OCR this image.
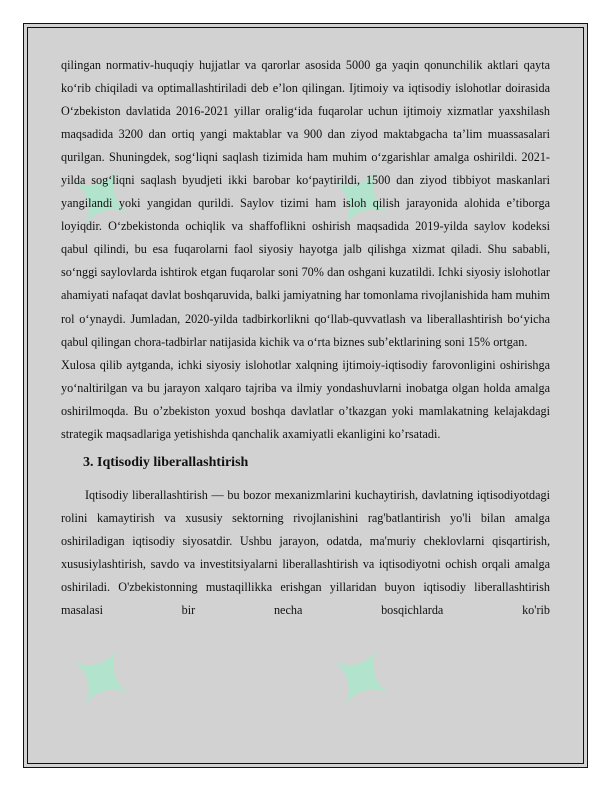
✦ ✦
✦ ✦

qilingan normativ-huquqiy hujjatlar va qarorlar asosida 5000 ga yaqin qonunchilik aktlari qayta ko‘rib chiqiladi va optimallashtiriladi deb e’lon qilingan. Ijtimoiy va iqtisodiy islohotlar doirasida O‘zbekiston davlatida 2016-2021 yillar oralig‘ida fuqarolar uchun ijtimoiy xizmatlar yaxshilash maqsadida 3200 dan ortiq yangi maktablar va 900 dan ziyod maktabgacha ta’lim muassasalari qurilgan. Shuningdek, sog‘liqni saqlash tizimida ham muhim o‘zgarishlar amalga oshirildi. 2021-yilda sog‘liqni saqlash byudjeti ikki barobar ko‘paytirildi, 1500 dan ziyod tibbiyot maskanlari yangilandi yoki yangidan qurildi. Saylov tizimi ham isloh qilish jarayonida alohida e’tiborga loyiqdir. O‘zbekistonda ochiqlik va shaffoflikni oshirish maqsadida 2019-yilda saylov kodeksi qabul qilindi, bu esa fuqarolarni faol siyosiy hayotga jalb qilishga xizmat qiladi. Shu sababli, so‘nggi saylovlarda ishtirok etgan fuqarolar soni 70% dan oshgani kuzatildi. Ichki siyosiy islohotlar ahamiyati nafaqat davlat boshqaruvida, balki jamiyatning har tomonlama rivojlanishida ham muhim rol o‘ynaydi. Jumladan, 2020-yilda tadbirkorlikni qo‘llab-quvvatlash va liberallashtirish bo‘yicha qabul qilingan chora-tadbirlar natijasida kichik va o‘rta biznes sub’ektlarining soni 15% ortgan.

Xulosa qilib aytganda, ichki siyosiy islohotlar xalqning ijtimoiy-iqtisodiy farovonligini oshirishga yo‘naltirilgan va bu jarayon xalqaro tajriba va ilmiy yondashuvlarni inobatga olgan holda amalga oshirilmoqda. Bu o’zbekiston yoxud boshqa davlatlar o’tkazgan yoki mamlakatning kelajakdagi strategik maqsadlariga yetishishda qanchalik axamiyatli ekanligini ko’rsatadi.

3. Iqtisodiy liberallashtirish

Iqtisodiy liberallashtirish — bu bozor mexanizmlarini kuchaytirish, davlatning iqtisodiyotdagi rolini kamaytirish va xususiy sektorning rivojlanishini rag'batlantirish yo'li bilan amalga oshiriladigan iqtisodiy siyosatdir. Ushbu jarayon, odatda, ma'muriy cheklovlarni qisqartirish, xususiylashtirish, savdo va investitsiyalarni liberallashtirish va iqtisodiyotni ochish orqali amalga oshiriladi. O'zbekistonning mustaqillikka erishgan yillaridan buyon iqtisodiy liberallashtirish masalasi bir necha bosqichlarda ko'rib
